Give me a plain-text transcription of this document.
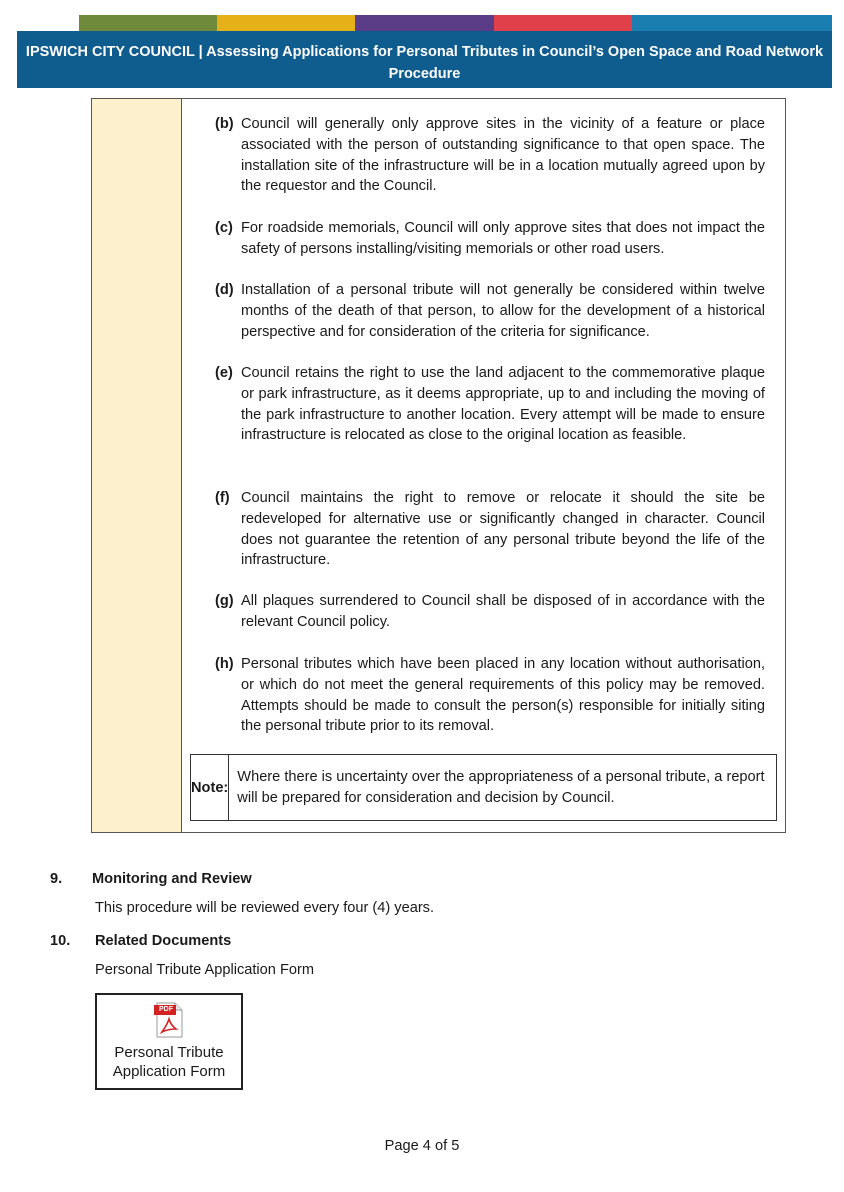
IPSWICH CITY COUNCIL | Assessing Applications for Personal Tributes in Council’s Open Space and Road Network Procedure
(b) Council will generally only approve sites in the vicinity of a feature or place associated with the person of outstanding significance to that open space. The installation site of the infrastructure will be in a location mutually agreed upon by the requestor and the Council.
(c) For roadside memorials, Council will only approve sites that does not impact the safety of persons installing/visiting memorials or other road users.
(d) Installation of a personal tribute will not generally be considered within twelve months of the death of that person, to allow for the development of a historical perspective and for consideration of the criteria for significance.
(e) Council retains the right to use the land adjacent to the commemorative plaque or park infrastructure, as it deems appropriate, up to and including the moving of the park infrastructure to another location. Every attempt will be made to ensure infrastructure is relocated as close to the original location as feasible.
(f) Council maintains the right to remove or relocate it should the site be redeveloped for alternative use or significantly changed in character. Council does not guarantee the retention of any personal tribute beyond the life of the infrastructure.
(g) All plaques surrendered to Council shall be disposed of in accordance with the relevant Council policy.
(h) Personal tributes which have been placed in any location without authorisation, or which do not meet the general requirements of this policy may be removed. Attempts should be made to consult the person(s) responsible for initially siting the personal tribute prior to its removal.
Note:
Where there is uncertainty over the appropriateness of a personal tribute, a report will be prepared for consideration and decision by Council.
9. Monitoring and Review
This procedure will be reviewed every four (4) years.
10. Related Documents
Personal Tribute Application Form
PDF
Personal Tribute
Application Form
Page 4 of 5
